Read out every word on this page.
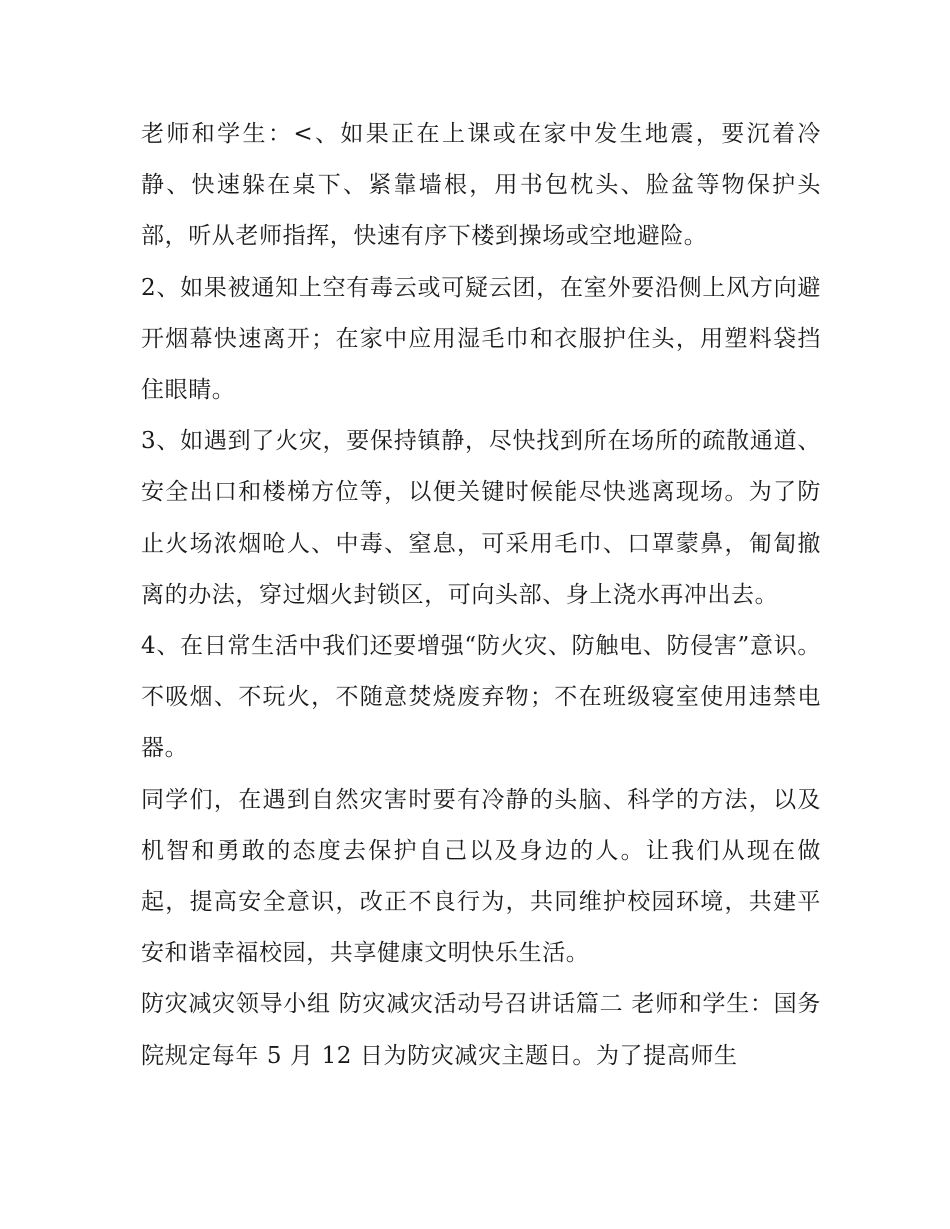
老师和学生：<、如果正在上课或在家中发生地震，要沉着冷静、快速躲在桌下、紧靠墙根，用书包枕头、脸盆等物保护头部，听从老师指挥，快速有序下楼到操场或空地避险。

2、如果被通知上空有毒云或可疑云团，在室外要沿侧上风方向避开烟幕快速离开；在家中应用湿毛巾和衣服护住头，用塑料袋挡住眼睛。

3、如遇到了火灾，要保持镇静，尽快找到所在场所的疏散通道、安全出口和楼梯方位等，以便关键时候能尽快逃离现场。为了防止火场浓烟呛人、中毒、窒息，可采用毛巾、口罩蒙鼻，匍匐撤离的办法，穿过烟火封锁区，可向头部、身上浇水再冲出去。

4、在日常生活中我们还要增强“防火灾、防触电、防侵害”意识。不吸烟、不玩火，不随意焚烧废弃物；不在班级寝室使用违禁电器。

同学们，在遇到自然灾害时要有冷静的头脑、科学的方法，以及机智和勇敢的态度去保护自己以及身边的人。让我们从现在做起，提高安全意识，改正不良行为，共同维护校园环境，共建平安和谐幸福校园，共享健康文明快乐生活。

防灾减灾领导小组 防灾减灾活动号召讲话篇二 老师和学生：国务院规定每年 5 月 12 日为防灾减灾主题日。为了提高师生
